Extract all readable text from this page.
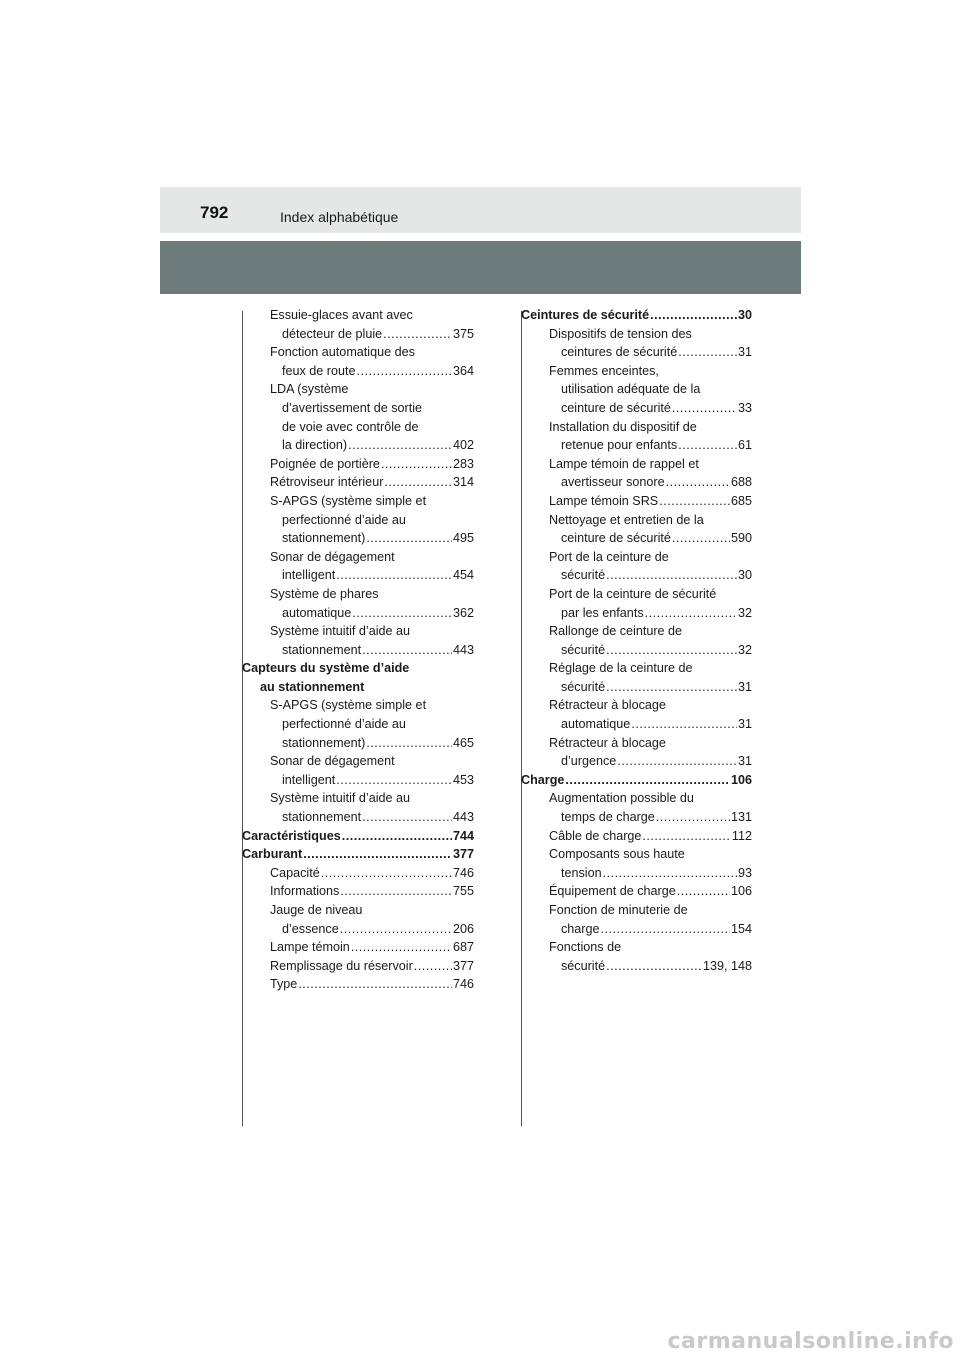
792	Index alphabétique
Essuie-glaces avant avec
détecteur de pluie .....	375
Fonction automatique des
feux de route .....	364
LDA (système
d’avertissement de sortie
de voie avec contrôle de
la direction) .....	402
Poignée de portière .....	283
Rétroviseur intérieur .....	314
S-APGS (système simple et
perfectionné d’aide au
stationnement) .....	495
Sonar de dégagement
intelligent .....	454
Système de phares
automatique .....	362
Système intuitif d’aide au
stationnement .....	443
Capteurs du système d’aide
au stationnement
S-APGS (système simple et
perfectionné d’aide au
stationnement) .....	465
Sonar de dégagement
intelligent .....	453
Système intuitif d’aide au
stationnement .....	443
Caractéristiques .....	744
Carburant .....	377
Capacité .....	746
Informations .....	755
Jauge de niveau
d’essence .....	206
Lampe témoin .....	687
Remplissage du réservoir .....	377
Type .....	746
Ceintures de sécurité .....	30
Dispositifs de tension des
ceintures de sécurité .....	31
Femmes enceintes,
utilisation adéquate de la
ceinture de sécurité .....	33
Installation du dispositif de
retenue pour enfants .....	61
Lampe témoin de rappel et
avertisseur sonore .....	688
Lampe témoin SRS .....	685
Nettoyage et entretien de la
ceinture de sécurité .....	590
Port de la ceinture de
sécurité .....	30
Port de la ceinture de sécurité
par les enfants .....	32
Rallonge de ceinture de
sécurité .....	32
Réglage de la ceinture de
sécurité .....	31
Rétracteur à blocage
automatique .....	31
Rétracteur à blocage
d’urgence .....	31
Charge .....	106
Augmentation possible du
temps de charge .....	131
Câble de charge .....	112
Composants sous haute
tension .....	93
Équipement de charge .....	106
Fonction de minuterie de
charge .....	154
Fonctions de
sécurité .....	139, 148
carmanualsonline.info
